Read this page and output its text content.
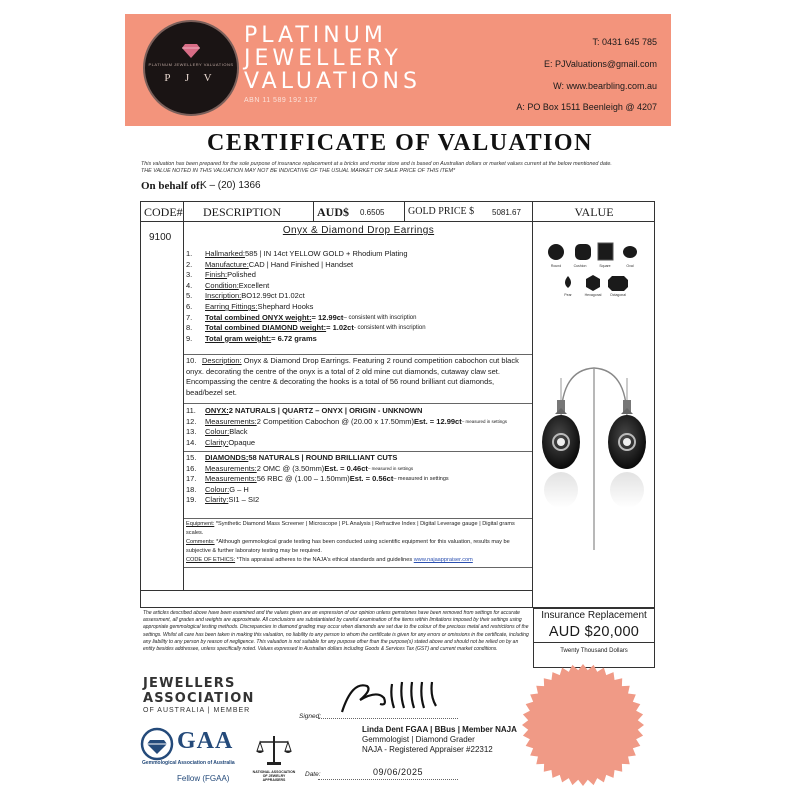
PLATINUM JEWELLERY VALUATIONS
P J V
PLATINUM
JEWELLERY
VALUATIONS
ABN 11 589 192 137
T: 0431 645 785
E: PJValuations@gmail.com
W: www.bearbling.com.au
A: PO Box 1511 Beenleigh @ 4207
CERTIFICATE OF VALUATION
This valuation has been prepared for the sole purpose of insurance replacement at a bricks and mortar store and is based on Australian dollars or market values current at the below mentioned date.
THE VALUE NOTED IN THIS VALUATION MAY NOT BE INDICATIVE OF THE USUAL MARKET OR SALE PRICE OF THIS ITEM*
On behalf of:
K – (20) 1366
CODE# DESCRIPTION	AUD$ 0.6505 GOLD PRICE $ 5081.67	VALUE
9100
Onyx & Diamond Drop Earrings
1.	Hallmarked: 585 | IN 14ct YELLOW GOLD + Rhodium Plating
2.	Manufacture: CAD | Hand Finished | Handset
3.	Finish: Polished
4.	Condition: Excellent
5.	Inscription: BO12.99ct D1.02ct
6.	Earring Fittings: Shephard Hooks
7.	Total combined ONYX weight: = 12.99ct – consistent with inscription
8.	Total combined DIAMOND weight: = 1.02ct - consistent with inscription
9.	Total gram weight: = 6.72 grams
10. Description: Onyx & Diamond Drop Earrings. Featuring 2 round competition cabochon cut black onyx. decorating the centre of the onyx is a total of 2 old mine cut diamonds, cutaway claw set. Encompassing the centre & decorating the hooks is a total of 56 round brilliant cut diamonds, bead/bezel set.
11.	ONYX: 2 NATURALS | QUARTZ – ONYX | ORIGIN - UNKNOWN
12.	Measurements: 2 Competition Cabochon @ (20.00 x 17.50mm) Est. = 12.99ct – measured in settings
13.	Colour: Black
14.	Clarity: Opaque
15.	DIAMONDS: 58 NATURALS | ROUND BRILLIANT CUTS
16.	Measurements: 2 OMC @ (3.50mm) Est. = 0.46ct – measured in settings
17.	Measurements: 56 RBC @ (1.00 – 1.50mm) Est. = 0.56ct – measured in settings
18.	Colour: G – H
19.	Clarity: SI1 – SI2
Equipment: *Synthetic Diamond Mass Screener | Microscope | PL Analysis | Refractive Index | Digital Leverage gauge | Digital grams scales.
Comments: *Although gemmological grade testing has been conducted using scientific equipment for this valuation, results may be subjective & further laboratory testing may be required.
CODE OF ETHICS: *This appraisal adheres to the NAJA's ethical standards and guidelines www.najaappraiser.com
Round	Cushion	Square	Oval
Pear	Hexagonal	Octagonal
The articles described above have been examined and the values given are an expression of our opinion unless gemstones have been removed from settings for accurate assessment, all grades and weights are approximate. All conclusions are substantiated by careful examination of the items within limitations imposed by their settings using appropriate gemmological testing methods. Discrepancies in diamond grading may occur when diamonds are set due to the colour of the precious metal and restrictions of the settings. Whilst all care has been taken in making this valuation, no liability to any person to whom the certificate is given for any errors or omissions in the certificate, including any liability to any person by reason of negligence. This valuation is not suitable for any purpose other than the purpose(s) stated above and should not be relied on by an entity besides addressee, unless specifically noted. Values expressed in Australian dollars including Goods & Services Tax (GST) and current market conditions.
Insurance Replacement
AUD $20,000
Twenty Thousand Dollars
JEWELLERS
ASSOCIATION
OF AUSTRALIA | MEMBER
GAA
Gemmological Association of Australia
Fellow (FGAA)
NATIONAL ASSOCIATION OF JEWELRY APPRAISERS
Signed:
Linda Dent FGAA | BBus | Member NAJA
Gemmologist | Diamond Grader
NAJA - Registered Appraiser #22312
Date:	09/06/2025
